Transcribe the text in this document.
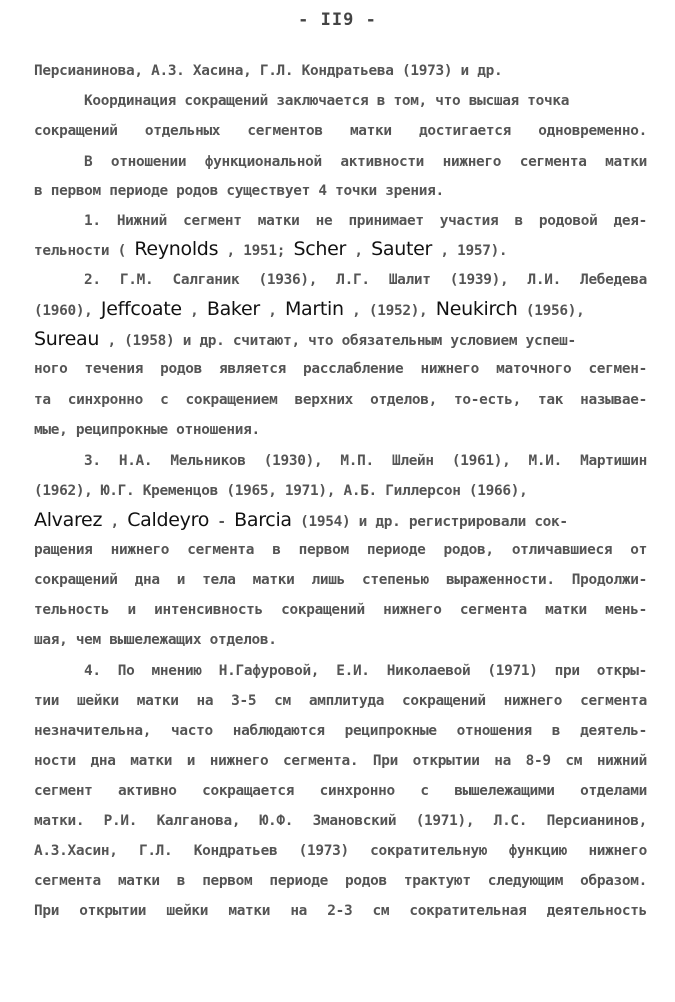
- II9 -
Персианинова, А.З. Хасина, Г.Л. Кондратьева (1973) и др.
Координация сокращений заключается в том, что высшая точка
сокращений отдельных сегментов матки достигается одновременно.
В отношении функциональной активности нижнего сегмента матки
в первом периоде родов существует 4 точки зрения.
1. Нижний сегмент матки не принимает участия в родовой дея-
тельности ( Reynolds , 1951; Scher , Sauter , 1957).
2. Г.М. Салганик (1936), Л.Г. Шалит (1939), Л.И. Лебедева
(1960), Jeffcoate , Baker , Martin , (1952), Neukirch (1956),
Sureau , (1958) и др. считают, что обязательным условием успеш-
ного течения родов является расслабление нижнего маточного сегмен-
та синхронно с сокращением верхних отделов, то-есть, так называе-
мые, реципрокные отношения.
3. Н.А. Мельников (1930), М.П. Шлейн (1961), М.И. Мартишин
(1962), Ю.Г. Кременцов (1965, 1971), А.Б. Гиллерсон (1966),
Alvarez , Caldeyro - Barcia (1954) и др. регистрировали сок-
ращения нижнего сегмента в первом периоде родов, отличавшиеся от
сокращений дна и тела матки лишь степенью выраженности. Продолжи-
тельность и интенсивность сокращений нижнего сегмента матки мень-
шая, чем вышележащих отделов.
4. По мнению Н.Гафуровой, Е.И. Николаевой (1971) при откры-
тии шейки матки на 3-5 см амплитуда сокращений нижнего сегмента
незначительна, часто наблюдаются реципрокные отношения в деятель-
ности дна матки и нижнего сегмента. При открытии на 8-9 см нижний
сегмент активно сокращается синхронно с вышележащими отделами
матки. Р.И. Калганова, Ю.Ф. Змановский (1971), Л.С. Персианинов,
А.З.Хасин, Г.Л. Кондратьев (1973) сократительную функцию нижнего
сегмента матки в первом периоде родов трактуют следующим образом.
При открытии шейки матки на 2-3 см сократительная деятельность
